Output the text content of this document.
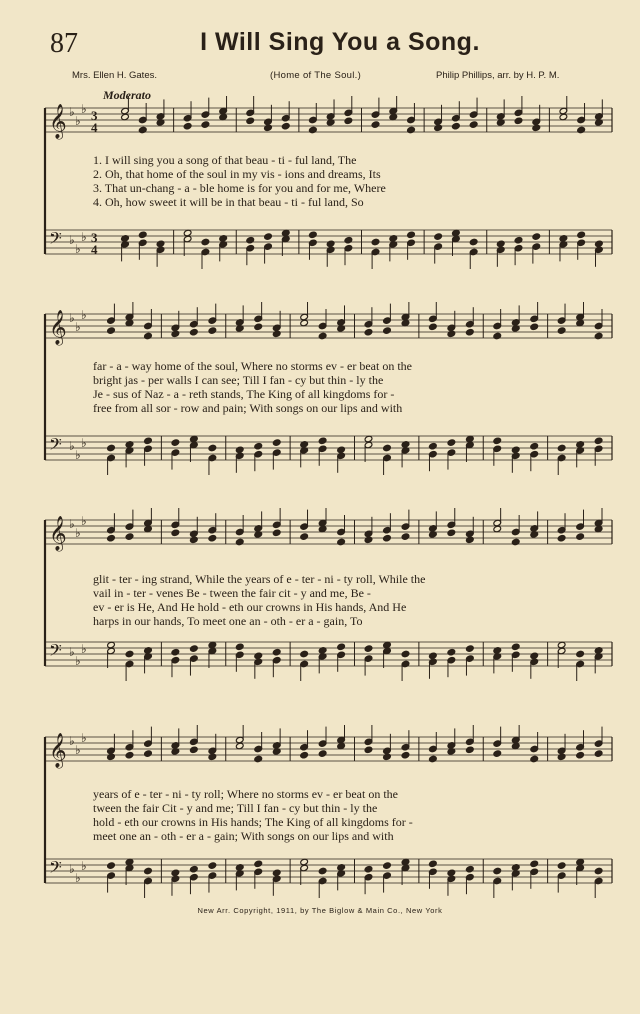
87	I Will Sing You a Song.
Mrs. Ellen H. Gates.	(Home of The Soul.)	Philip Phillips, arr. by H. P. M.
Moderato
𝄞 ♭
♭
♭ 3
4
𝄢 ♭
♭
♭ 3
4
1. I will sing you a song of that beau - ti - ful land, The
2. Oh, that home of the soul in my vis - ions and dreams, Its
3. That un-chang - a - ble home is for you and for me, Where
4. Oh, how sweet it will be in that beau - ti - ful land, So
𝄞 ♭
♭
♭
𝄢 ♭
♭
♭
far - a - way home of the soul, Where no storms ev - er beat on the
bright jas - per walls I can see; Till I fan - cy but thin - ly the
Je - sus of Naz - a - reth stands, The King of all kingdoms for -
free from all sor - row and pain; With songs on our lips and with
𝄞 ♭
♭
♭
𝄢 ♭
♭
♭
glit - ter - ing strand, While the years of e - ter - ni - ty roll, While the
vail in - ter - venes Be - tween the fair cit - y and me, Be -
ev - er is He, And He hold - eth our crowns in His hands, And He
harps in our hands, To meet one an - oth - er a - gain, To
𝄞 ♭
♭
♭
𝄢 ♭
♭
♭
years of e - ter - ni - ty roll; Where no storms ev - er beat on the
tween the fair Cit - y and me; Till I fan - cy but thin - ly the
hold - eth our crowns in His hands; The King of all kingdoms for -
meet one an - oth - er a - gain; With songs on our lips and with
New Arr. Copyright, 1911, by The Biglow & Main Co., New York
